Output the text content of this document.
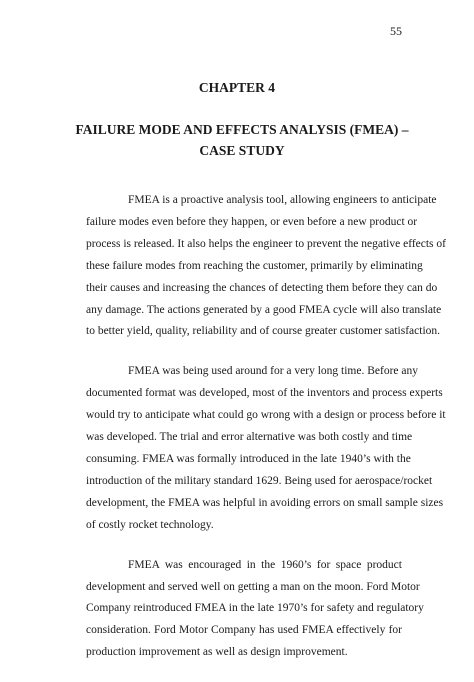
55
CHAPTER 4
FAILURE MODE AND EFFECTS ANALYSIS (FMEA) –
CASE STUDY

FMEA is a proactive analysis tool, allowing engineers to anticipate
failure modes even before they happen, or even before a new product or
process is released. It also helps the engineer to prevent the negative effects of
these failure modes from reaching the customer, primarily by eliminating
their causes and increasing the chances of detecting them before they can do
any damage. The actions generated by a good FMEA cycle will also translate
to better yield, quality, reliability and of course greater customer satisfaction.

FMEA was being used around for a very long time. Before any
documented format was developed, most of the inventors and process experts
would try to anticipate what could go wrong with a design or process before it
was developed. The trial and error alternative was both costly and time
consuming. FMEA was formally introduced in the late 1940’s with the
introduction of the military standard 1629. Being used for aerospace/rocket
development, the FMEA was helpful in avoiding errors on small sample sizes
of costly rocket technology.

FMEA was encouraged in the 1960’s for space product
development and served well on getting a man on the moon. Ford Motor
Company reintroduced FMEA in the late 1970’s for safety and regulatory
consideration. Ford Motor Company has used FMEA effectively for
production improvement as well as design improvement.
